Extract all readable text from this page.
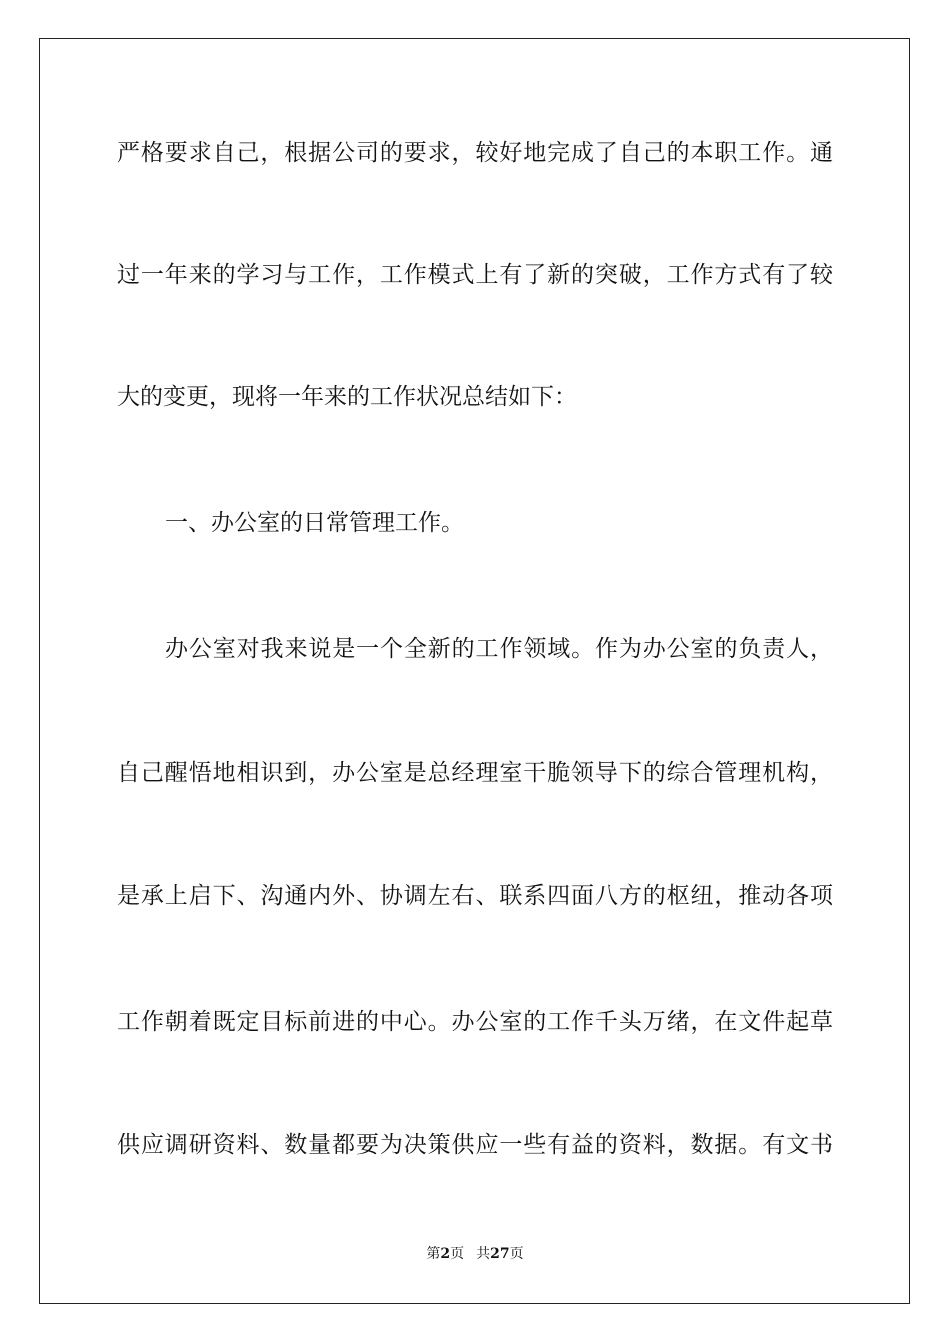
严格要求自己，根据公司的要求，较好地完成了自己的本职工作。通
过一年来的学习与工作，工作模式上有了新的突破，工作方式有了较
大的变更，现将一年来的工作状况总结如下：
一、办公室的日常管理工作。
办公室对我来说是一个全新的工作领域。作为办公室的负责人，
自己醒悟地相识到，办公室是总经理室干脆领导下的综合管理机构，
是承上启下、沟通内外、协调左右、联系四面八方的枢纽，推动各项
工作朝着既定目标前进的中心。办公室的工作千头万绪，在文件起草
供应调研资料、数量都要为决策供应一些有益的资料，数据。有文书
第2页 共27页
